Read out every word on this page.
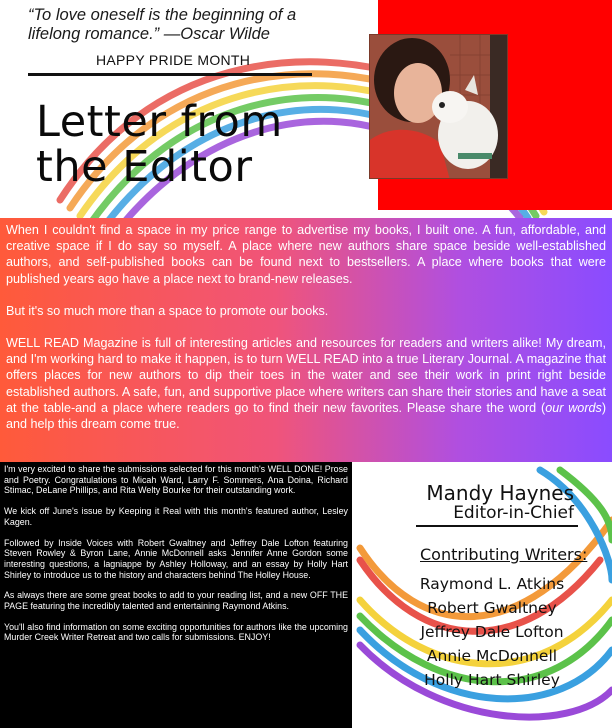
“To love oneself is the beginning of a lifelong romance.” —Oscar Wilde
HAPPY PRIDE MONTH
Letter from
the Editor

When I couldn't find a space in my price range to advertise my books, I built one. A fun, affordable, and creative space if I do say so myself. A place where new authors share space beside well-established authors, and self-published books can be found next to bestsellers. A place where books that were published years ago have a place next to brand-new releases.

But it's so much more than a space to promote our books.

WELL READ Magazine is full of interesting articles and resources for readers and writers alike! My dream, and I'm working hard to make it happen, is to turn WELL READ into a true Literary Journal. A magazine that offers places for new authors to dip their toes in the water and see their work in print right beside established authors. A safe, fun, and supportive place where writers can share their stories and have a seat at the table-and a place where readers go to find their new favorites. Please share the word (our words) and help this dream come true.

I'm very excited to share the submissions selected for this month's WELL DONE! Prose and Poetry. Congratulations to Micah Ward, Larry F. Sommers, Ana Doina, Richard Stimac, DeLane Phillips, and Rita Welty Bourke for their outstanding work.

We kick off June's issue by Keeping it Real with this month's featured author, Lesley Kagen.

Followed by Inside Voices with Robert Gwaltney and Jeffrey Dale Lofton featuring Steven Rowley & Byron Lane, Annie McDonnell asks Jennifer Anne Gordon some interesting questions, a lagniappe by Ashley Holloway, and an essay by Holly Hart Shirley to introduce us to the history and characters behind The Holley House.

As always there are some great books to add to your reading list, and a new OFF THE PAGE featuring the incredibly talented and entertaining Raymond Atkins.

You'll also find information on some exciting opportunities for authors like the upcoming Murder Creek Writer Retreat and two calls for submissions. ENJOY!

Mandy Haynes
Editor-in-Chief
Contributing Writers:
Raymond L. Atkins
Robert Gwaltney
Jeffrey Dale Lofton
Annie McDonnell
Holly Hart Shirley
